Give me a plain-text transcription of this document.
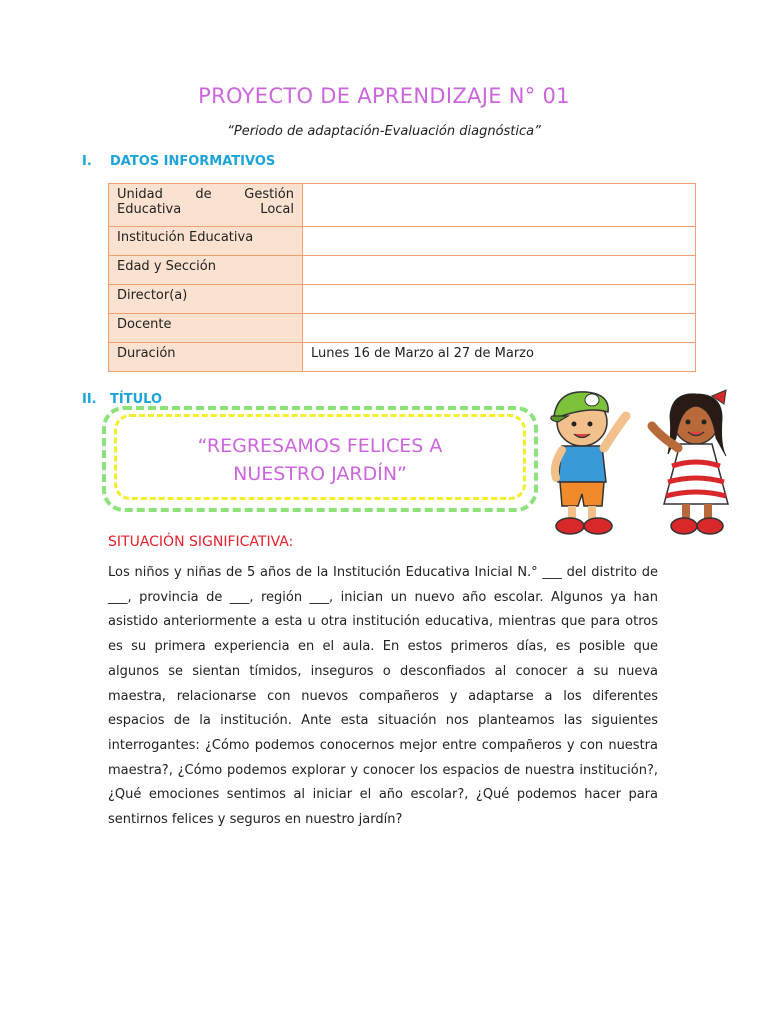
PROYECTO DE APRENDIZAJE N° 01
“Periodo de adaptación-Evaluación diagnóstica”
I. DATOS INFORMATIVOS
Unidad de Gestión Educativa Local	

Institución Educativa	
Edad y Sección	
Director(a)	
Docente	
Duración	Lunes 16 de Marzo al 27 de Marzo
II. TÍTULO
“REGRESAMOS FELICES A
NUESTRO JARDÍN”
SITUACIÓN SIGNIFICATIVA:
Los niños y niñas de 5 años de la Institución Educativa Inicial N.° ___ del distrito de ___, provincia de ___, región ___, inician un nuevo año escolar. Algunos ya han asistido anteriormente a esta u otra institución educativa, mientras que para otros es su primera experiencia en el aula. En estos primeros días, es posible que algunos se sientan tímidos, inseguros o desconfiados al conocer a su nueva maestra, relacionarse con nuevos compañeros y adaptarse a los diferentes espacios de la institución. Ante esta situación nos planteamos las siguientes interrogantes: ¿Cómo podemos conocernos mejor entre compañeros y con nuestra maestra?, ¿Cómo podemos explorar y conocer los espacios de nuestra institución?, ¿Qué emociones sentimos al iniciar el año escolar?, ¿Qué podemos hacer para sentirnos felices y seguros en nuestro jardín?
